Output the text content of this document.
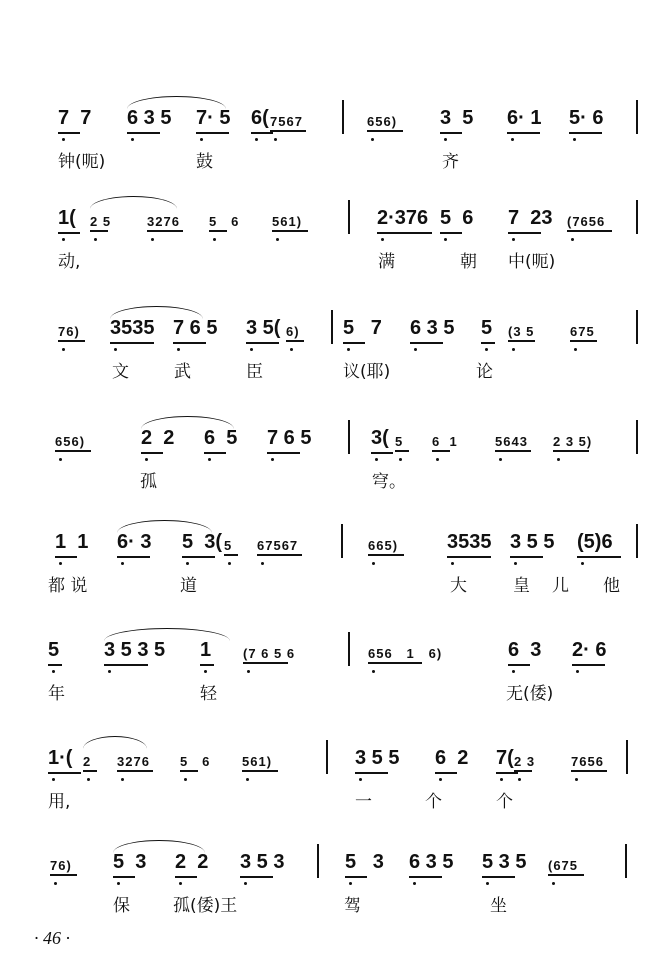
7  7 6 3 5 7· 5 6( 7567	656) 3  5 6· 1 5· 6
钟(呃)	鼓	齐
1( 2 5	3276 5   6	561)	2·376 5  6 7  23 (7656
动,	满	朝 中(呃)
76) 3535 7 6 5 3 5( 6) 5   7 6 3 5 5 (3 5	675
文	武	臣	议(耶)	论
656)	2  2 6  5 7 6 5	3( 5 6  1	5643 2 3 5)
孤	穹。
1  1 6· 3 5  3( 5 67567	665) 3535 3 5 5 (5)6
都 说	道	大	皇 儿 他
5 3 5 3 5 1 (7 6 5 6	656   1   6)	6  3 2· 6
年	轻	无(倭)
1·( 2 3276 5   6 561)	3 5 5 6  2 7( 2 3	7656
用,	一	个	个
76) 5  3 2  2 3 5 3	5   3 6 3 5 5 3 5 (675
保	孤(倭)王	驾	坐
· 46 ·
